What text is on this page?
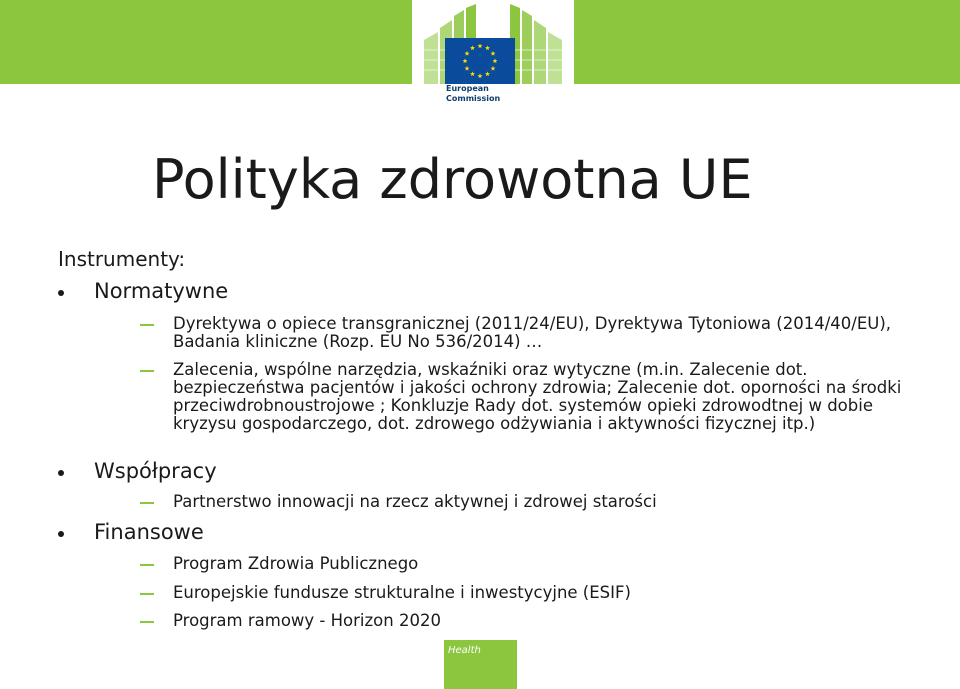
European
Commission
Polityka zdrowotna UE
Instrumenty:
Normatywne
Dyrektywa o opiece transgranicznej (2011/24/EU), Dyrektywa Tytoniowa (2014/40/EU), Badania kliniczne (Rozp. EU No 536/2014) …
Zalecenia, wspólne narzędzia, wskaźniki oraz wytyczne (m.in. Zalecenie dot. bezpieczeństwa pacjentów i jakości ochrony zdrowia; Zalecenie dot. oporności na środki przeciwdrobnoustrojowe ; Konkluzje Rady dot. systemów opieki zdrowodtnej w dobie kryzysu gospodarczego, dot. zdrowego odżywiania i aktywności fizycznej itp.)
Współpracy
Partnerstwo innowacji na rzecz aktywnej i zdrowej starości
Finansowe
Program Zdrowia Publicznego
Europejskie fundusze strukturalne i inwestycyjne (ESIF)
Program ramowy - Horizon 2020
Health
